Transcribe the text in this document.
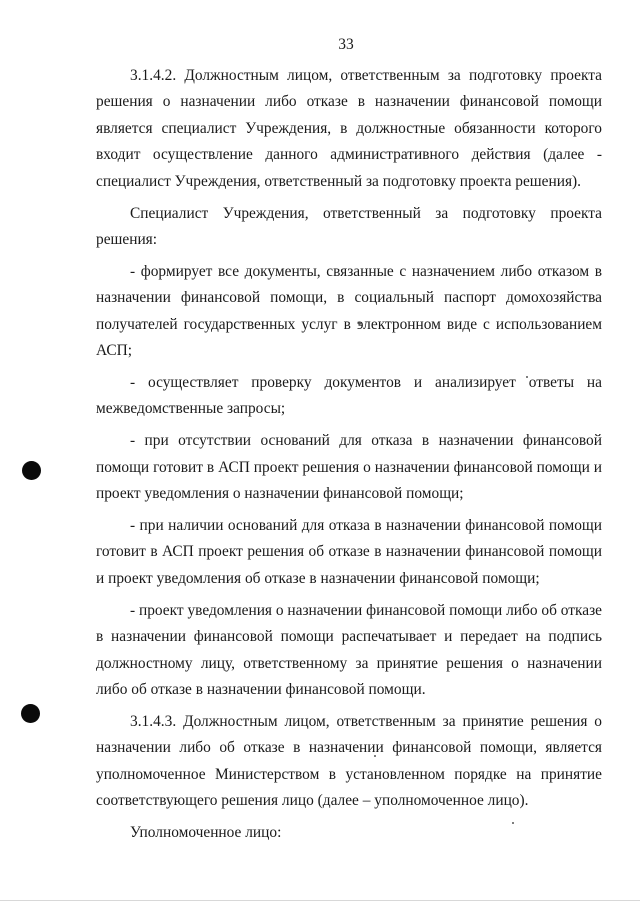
33

3.1.4.2. Должностным лицом, ответственным за подготовку проекта решения о назначении либо отказе в назначении финансовой помощи является специалист Учреждения, в должностные обязанности которого входит осуществление данного административного действия (далее - специалист Учреждения, ответственный за подготовку проекта решения).

Специалист Учреждения, ответственный за подготовку проекта решения:

- формирует все документы, связанные с назначением либо отказом в назначении финансовой помощи, в социальный паспорт домохозяйства получателей государственных услуг в электронном виде с использованием АСП;

- осуществляет проверку документов и анализирует ответы на межведомственные запросы;

- при отсутствии оснований для отказа в назначении финансовой помощи готовит в АСП проект решения о назначении финансовой помощи и проект уведомления о назначении финансовой помощи;

- при наличии оснований для отказа в назначении финансовой помощи готовит в АСП проект решения об отказе в назначении финансовой помощи и проект уведомления об отказе в назначении финансовой помощи;

- проект уведомления о назначении финансовой помощи либо об отказе в назначении финансовой помощи распечатывает и передает на подпись должностному лицу, ответственному за принятие решения о назначении либо об отказе в назначении финансовой помощи.

3.1.4.3. Должностным лицом, ответственным за принятие решения о назначении либо об отказе в назначении финансовой помощи, является уполномоченное Министерством в установленном порядке на принятие соответствующего решения лицо (далее – уполномоченное лицо).

Уполномоченное лицо:
